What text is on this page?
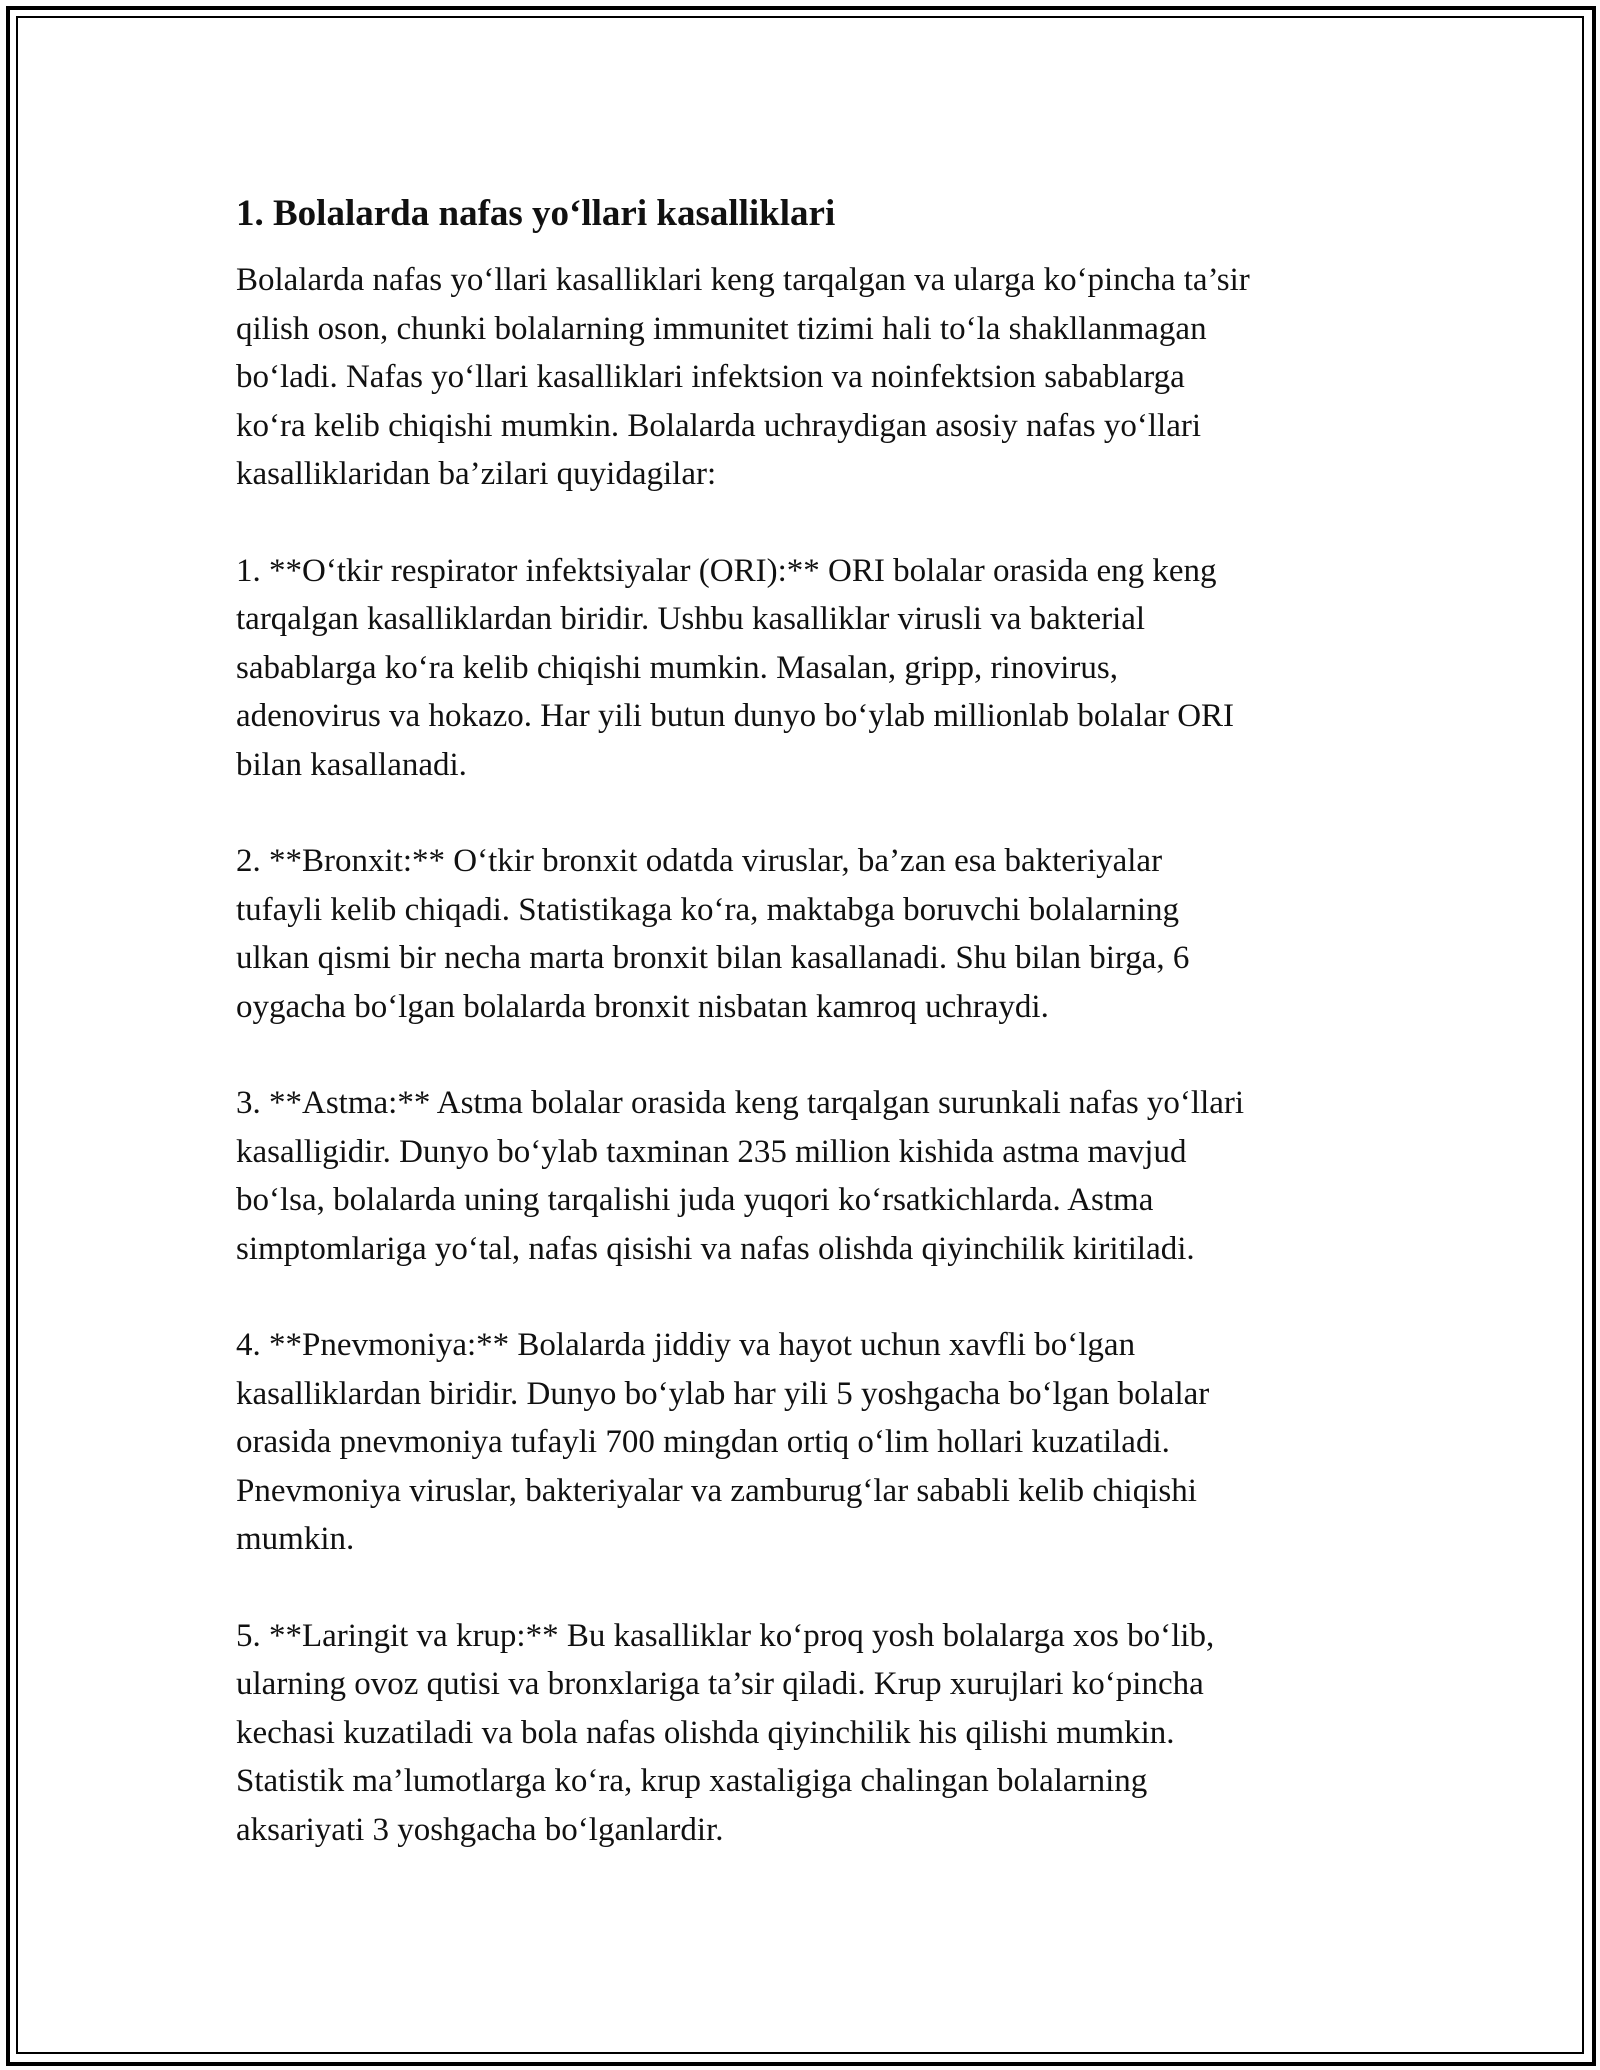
1. Bolalarda nafas yo‘llari kasalliklari

Bolalarda nafas yo‘llari kasalliklari keng tarqalgan va ularga ko‘pincha ta’sir
qilish oson, chunki bolalarning immunitet tizimi hali to‘la shakllanmagan
bo‘ladi. Nafas yo‘llari kasalliklari infektsion va noinfektsion sabablarga
ko‘ra kelib chiqishi mumkin. Bolalarda uchraydigan asosiy nafas yo‘llari
kasalliklaridan ba’zilari quyidagilar:

1. **O‘tkir respirator infektsiyalar (ORI):** ORI bolalar orasida eng keng
tarqalgan kasalliklardan biridir. Ushbu kasalliklar virusli va bakterial
sabablarga ko‘ra kelib chiqishi mumkin. Masalan, gripp, rinovirus,
adenovirus va hokazo. Har yili butun dunyo bo‘ylab millionlab bolalar ORI
bilan kasallanadi.

2. **Bronxit:** O‘tkir bronxit odatda viruslar, ba’zan esa bakteriyalar
tufayli kelib chiqadi. Statistikaga ko‘ra, maktabga boruvchi bolalarning
ulkan qismi bir necha marta bronxit bilan kasallanadi. Shu bilan birga, 6
oygacha bo‘lgan bolalarda bronxit nisbatan kamroq uchraydi.

3. **Astma:** Astma bolalar orasida keng tarqalgan surunkali nafas yo‘llari
kasalligidir. Dunyo bo‘ylab taxminan 235 million kishida astma mavjud
bo‘lsa, bolalarda uning tarqalishi juda yuqori ko‘rsatkichlarda. Astma
simptomlariga yo‘tal, nafas qisishi va nafas olishda qiyinchilik kiritiladi.

4. **Pnevmoniya:** Bolalarda jiddiy va hayot uchun xavfli bo‘lgan
kasalliklardan biridir. Dunyo bo‘ylab har yili 5 yoshgacha bo‘lgan bolalar
orasida pnevmoniya tufayli 700 mingdan ortiq o‘lim hollari kuzatiladi.
Pnevmoniya viruslar, bakteriyalar va zamburug‘lar sababli kelib chiqishi
mumkin.

5. **Laringit va krup:** Bu kasalliklar ko‘proq yosh bolalarga xos bo‘lib,
ularning ovoz qutisi va bronxlariga ta’sir qiladi. Krup xurujlari ko‘pincha
kechasi kuzatiladi va bola nafas olishda qiyinchilik his qilishi mumkin.
Statistik ma’lumotlarga ko‘ra, krup xastaligiga chalingan bolalarning
aksariyati 3 yoshgacha bo‘lganlardir.
